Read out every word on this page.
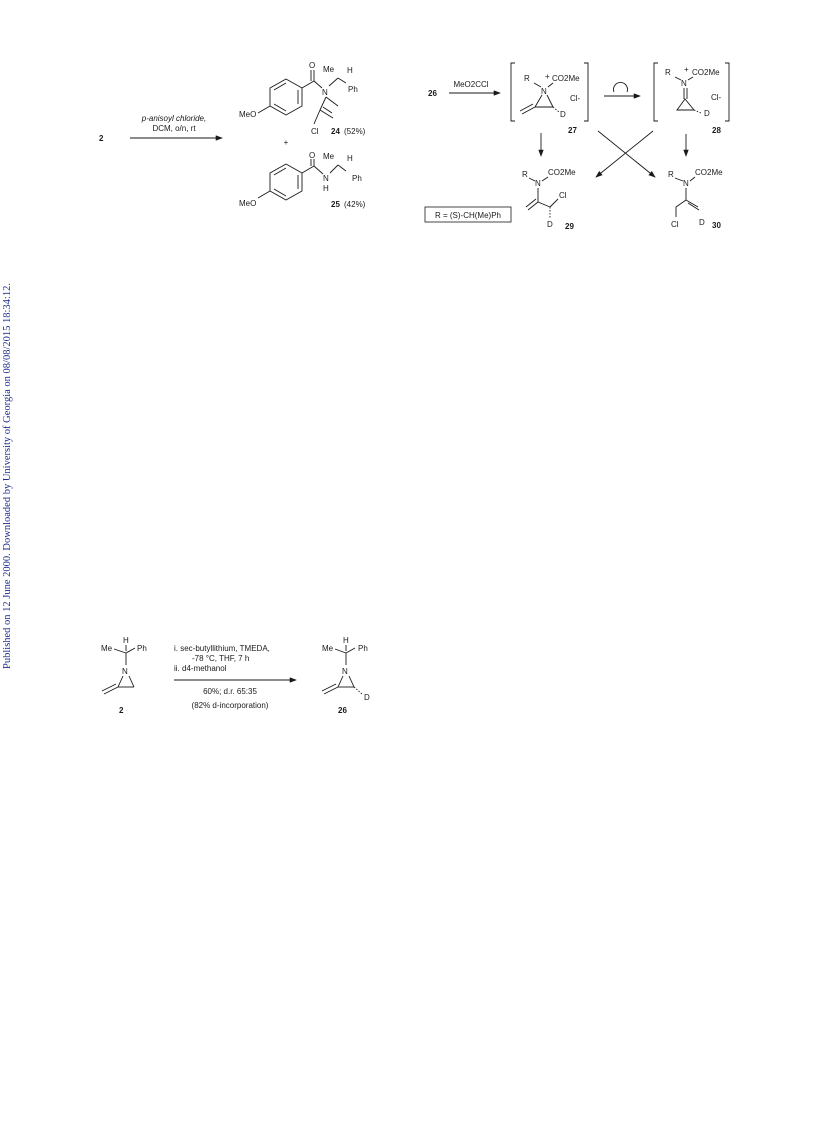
Published on 12 June 2000. Downloaded by University of Georgia on 08/08/2015 18:34:12.
2
p-anisoyl chloride,
DCM, o/n, rt
MeO
O
N
Me H
Ph
Cl 24 (52%)
+
MeO
O
N
H
Me H
Ph
25 (42%)
26
MeO2CCl
R + CO2Me
N
Cl-
D
27
R + CO2Me
N
Cl-
D
28
R	CO2Me
N
Cl
D 29
R = (S)-CH(Me)Ph
R	CO2Me
N
Cl	D 30
H
Me	Ph
N
2
i. sec-butyllithium, TMEDA,
-78 °C, THF, 7 h
ii. d4-methanol
60%; d.r. 65:35
(82% d-incorporation)
H
Me	Ph
N
D
26
